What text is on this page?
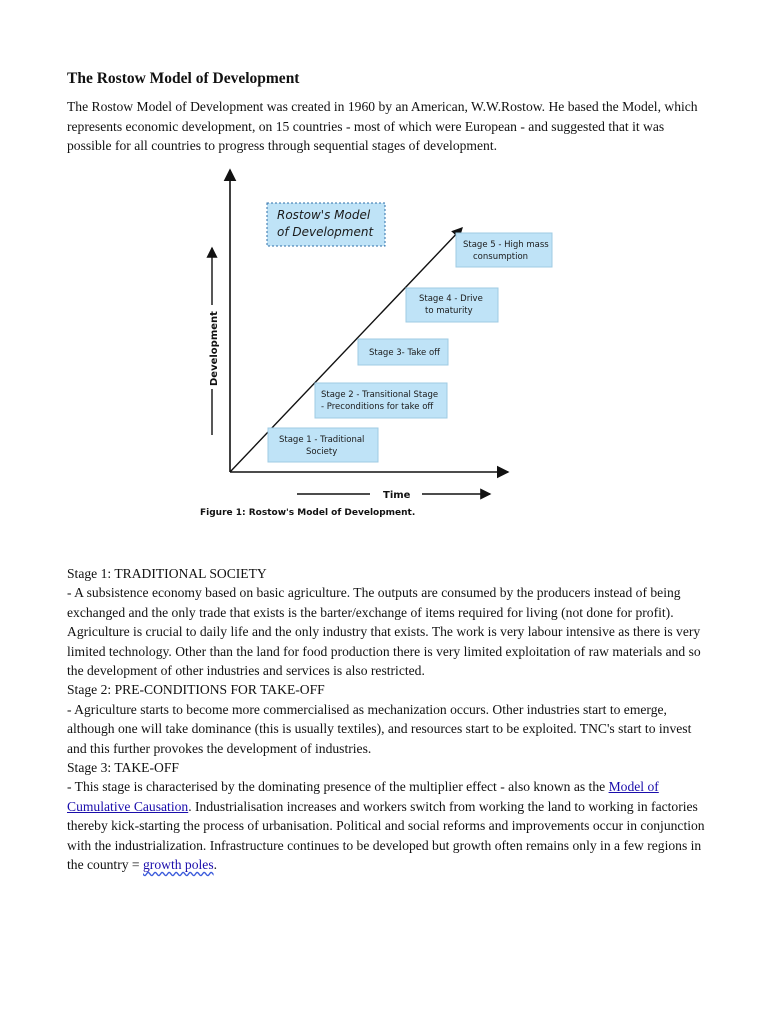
The Rostow Model of Development

The Rostow Model of Development was created in 1960 by an American, W.W.Rostow. He based the Model, which represents economic development, on 15 countries - most of which were European - and suggested that it was possible for all countries to progress through sequential stages of development.

Rostow's Model
of Development
Stage 1 - Traditional
Society
Stage 2 - Transitional Stage
- Preconditions for take off
Stage 3- Take off
Stage 4 - Drive
to maturity
Stage 5 - High mass
consumption
Development
Time
Figure 1: Rostow's Model of Development.

Stage 1: TRADITIONAL SOCIETY

- A subsistence economy based on basic agriculture. The outputs are consumed by the producers instead of being exchanged and the only trade that exists is the barter/exchange of items required for living (not done for profit). Agriculture is crucial to daily life and the only industry that exists. The work is very labour intensive as there is very limited technology. Other than the land for food production there is very limited exploitation of raw materials and so the development of other industries and services is also restricted.

Stage 2: PRE-CONDITIONS FOR TAKE-OFF

- Agriculture starts to become more commercialised as mechanization occurs. Other industries start to emerge, although one will take dominance (this is usually textiles), and resources start to be exploited. TNC's start to invest and this further provokes the development of industries.

Stage 3: TAKE-OFF

- This stage is characterised by the dominating presence of the multiplier effect - also known as the Model of Cumulative Causation. Industrialisation increases and workers switch from working the land to working in factories thereby kick-starting the process of urbanisation. Political and social reforms and improvements occur in conjunction with the industrialization. Infrastructure continues to be developed but growth often remains only in a few regions in the country = growth poles.
